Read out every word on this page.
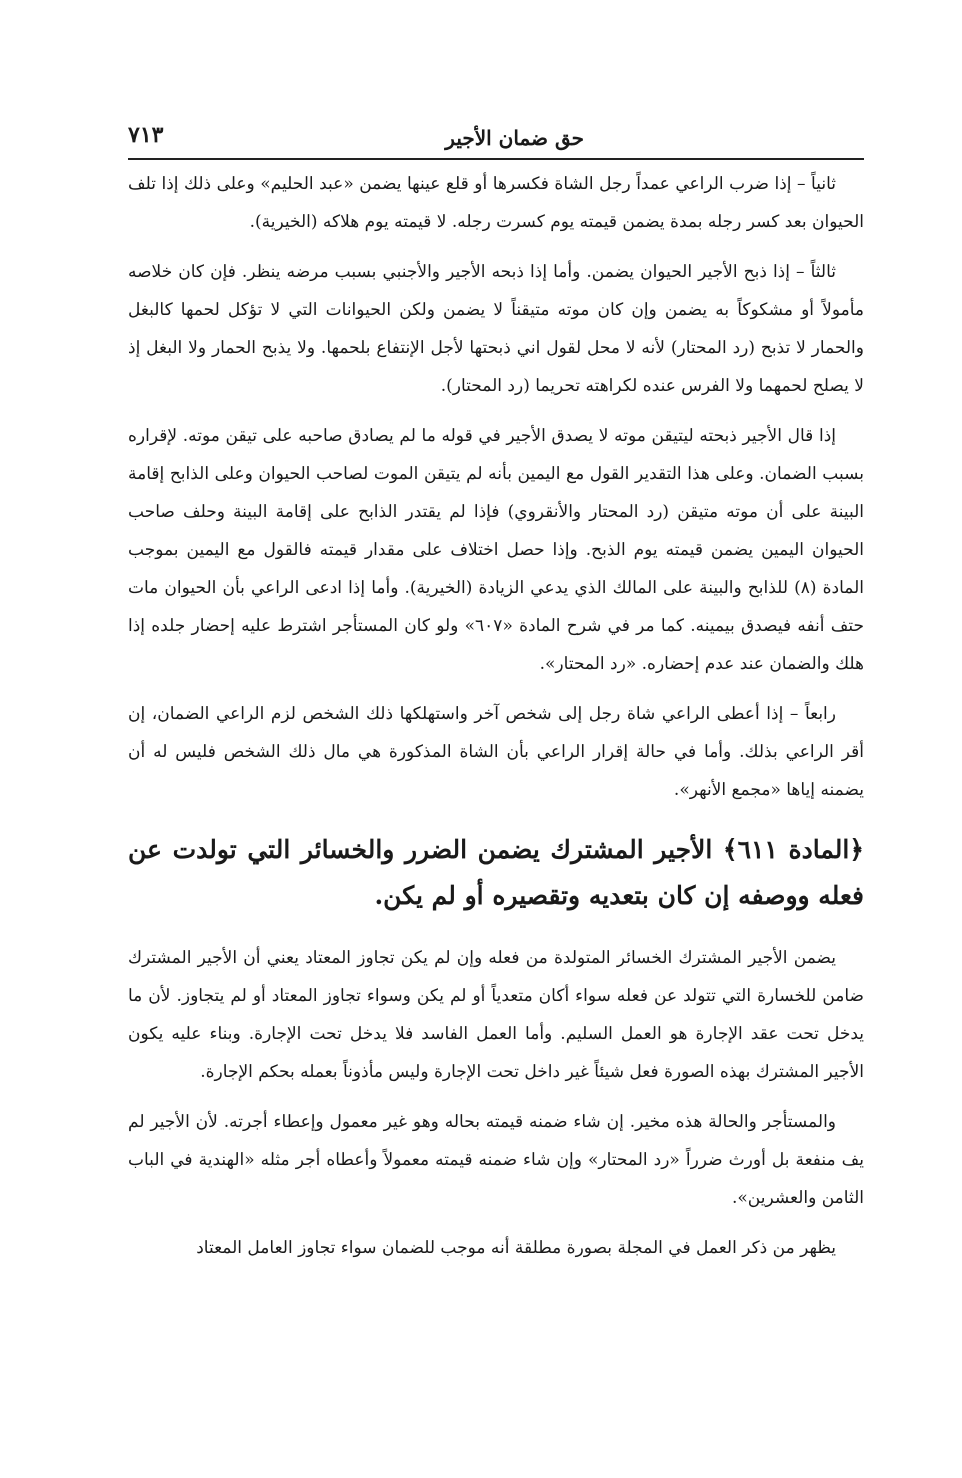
حق ضمان الأجير
٧١٣

ثانياً – إذا ضرب الراعي عمداً رجل الشاة فكسرها أو قلع عينها يضمن «عبد الحليم» وعلى ذلك إذا تلف الحيوان بعد كسر رجله بمدة يضمن قيمته يوم كسرت رجله. لا قيمته يوم هلاكه (الخيرية).

ثالثاً – إذا ذبح الأجير الحيوان يضمن. وأما إذا ذبحه الأجير والأجنبي بسبب مرضه ينظر. فإن كان خلاصه مأمولاً أو مشكوكاً به يضمن وإن كان موته متيقناً لا يضمن ولكن الحيوانات التي لا تؤكل لحمها كالبغل والحمار لا تذبح (رد المحتار) لأنه لا محل لقول اني ذبحتها لأجل الإنتفاع بلحمها. ولا يذبح الحمار ولا البغل إذ لا يصلح لحمهما ولا الفرس عنده لكراهته تحريما (رد المحتار).

إذا قال الأجير ذبحته ليتيقن موته لا يصدق الأجير في قوله ما لم يصادق صاحبه على تيقن موته. لإقراره بسبب الضمان. وعلى هذا التقدير القول مع اليمين بأنه لم يتيقن الموت لصاحب الحيوان وعلى الذابح إقامة البينة على أن موته متيقن (رد المحتار والأنقروي) فإذا لم يقتدر الذابح على إقامة البينة وحلف صاحب الحيوان اليمين يضمن قيمته يوم الذبح. وإذا حصل اختلاف على مقدار قيمته فالقول مع اليمين بموجب المادة (٨) للذابح والبينة على المالك الذي يدعي الزيادة (الخيرية). وأما إذا ادعى الراعي بأن الحيوان مات حتف أنفه فيصدق بيمينه. كما مر في شرح المادة «٦٠٧» ولو كان المستأجر اشترط عليه إحضار جلده إذا هلك والضمان عند عدم إحضاره. «رد المحتار».

رابعاً – إذا أعطى الراعي شاة رجل إلى شخص آخر واستهلكها ذلك الشخص لزم الراعي الضمان، إن أقر الراعي بذلك. وأما في حالة إقرار الراعي بأن الشاة المذكورة هي مال ذلك الشخص فليس له أن يضمنه إياها «مجمع الأنهر».

﴿المادة ٦١١﴾ الأجير المشترك يضمن الضرر والخسائر التي تولدت عن فعله ووصفه إن كان بتعديه وتقصيره أو لم يكن.

يضمن الأجير المشترك الخسائر المتولدة من فعله وإن لم يكن تجاوز المعتاد يعني أن الأجير المشترك ضامن للخسارة التي تتولد عن فعله سواء أكان متعدياً أو لم يكن وسواء تجاوز المعتاد أو لم يتجاوز. لأن ما يدخل تحت عقد الإجارة هو العمل السليم. وأما العمل الفاسد فلا يدخل تحت الإجارة. وبناء عليه يكون الأجير المشترك بهذه الصورة فعل شيئاً غير داخل تحت الإجارة وليس مأذوناً بعمله بحكم الإجارة.

والمستأجر والحالة هذه مخير. إن شاء ضمنه قيمته بحاله وهو غير معمول وإعطاء أجرته. لأن الأجير لم يف منفعة بل أورث ضرراً «رد المحتار» وإن شاء ضمنه قيمته معمولاً وأعطاه أجر مثله «الهندية في الباب الثامن والعشرين».

يظهر من ذكر العمل في المجلة بصورة مطلقة أنه موجب للضمان سواء تجاوز العامل المعتاد
